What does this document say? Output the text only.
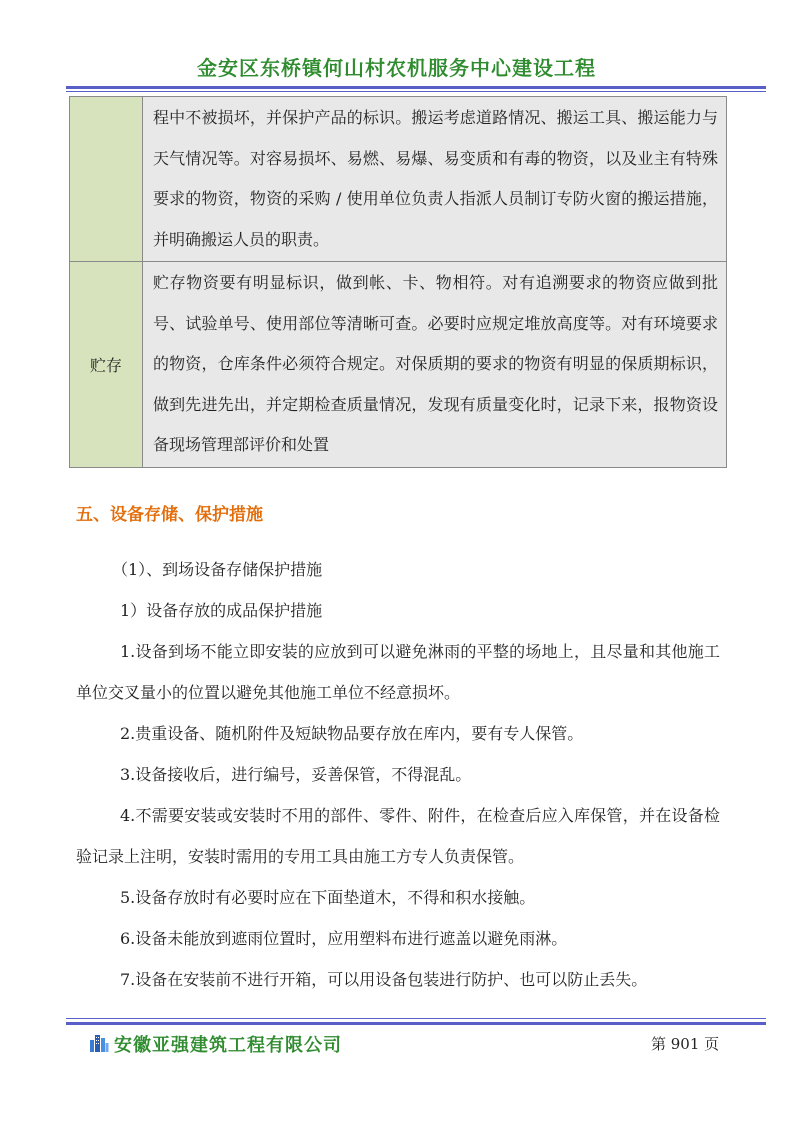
金安区东桥镇何山村农机服务中心建设工程
	程中不被损坏，并保护产品的标识。搬运考虑道路情况、搬运工具、搬运能力与天气情况等。对容易损坏、易燃、易爆、易变质和有毒的物资，以及业主有特殊要求的物资，物资的采购 / 使用单位负责人指派人员制订专防火窗的搬运措施，并明确搬运人员的职责。
贮存	贮存物资要有明显标识，做到帐、卡、物相符。对有追溯要求的物资应做到批号、试验单号、使用部位等清晰可查。必要时应规定堆放高度等。对有环境要求的物资，仓库条件必须符合规定。对保质期的要求的物资有明显的保质期标识，做到先进先出，并定期检查质量情况，发现有质量变化时，记录下来，报物资设备现场管理部评价和处置
五、设备存储、保护措施

（1）、到场设备存储保护措施

1）设备存放的成品保护措施

1.设备到场不能立即安装的应放到可以避免淋雨的平整的场地上，且尽量和其他施工单位交叉量小的位置以避免其他施工单位不经意损坏。

2.贵重设备、随机附件及短缺物品要存放在库内，要有专人保管。

3.设备接收后，进行编号，妥善保管，不得混乱。

4.不需要安装或安装时不用的部件、零件、附件，在检查后应入库保管，并在设备检验记录上注明，安装时需用的专用工具由施工方专人负责保管。

5.设备存放时有必要时应在下面垫道木，不得和积水接触。

6.设备未能放到遮雨位置时，应用塑料布进行遮盖以避免雨淋。

7.设备在安装前不进行开箱，可以用设备包装进行防护、也可以防止丢失。

安徽亚强建筑工程有限公司	第 901 页
